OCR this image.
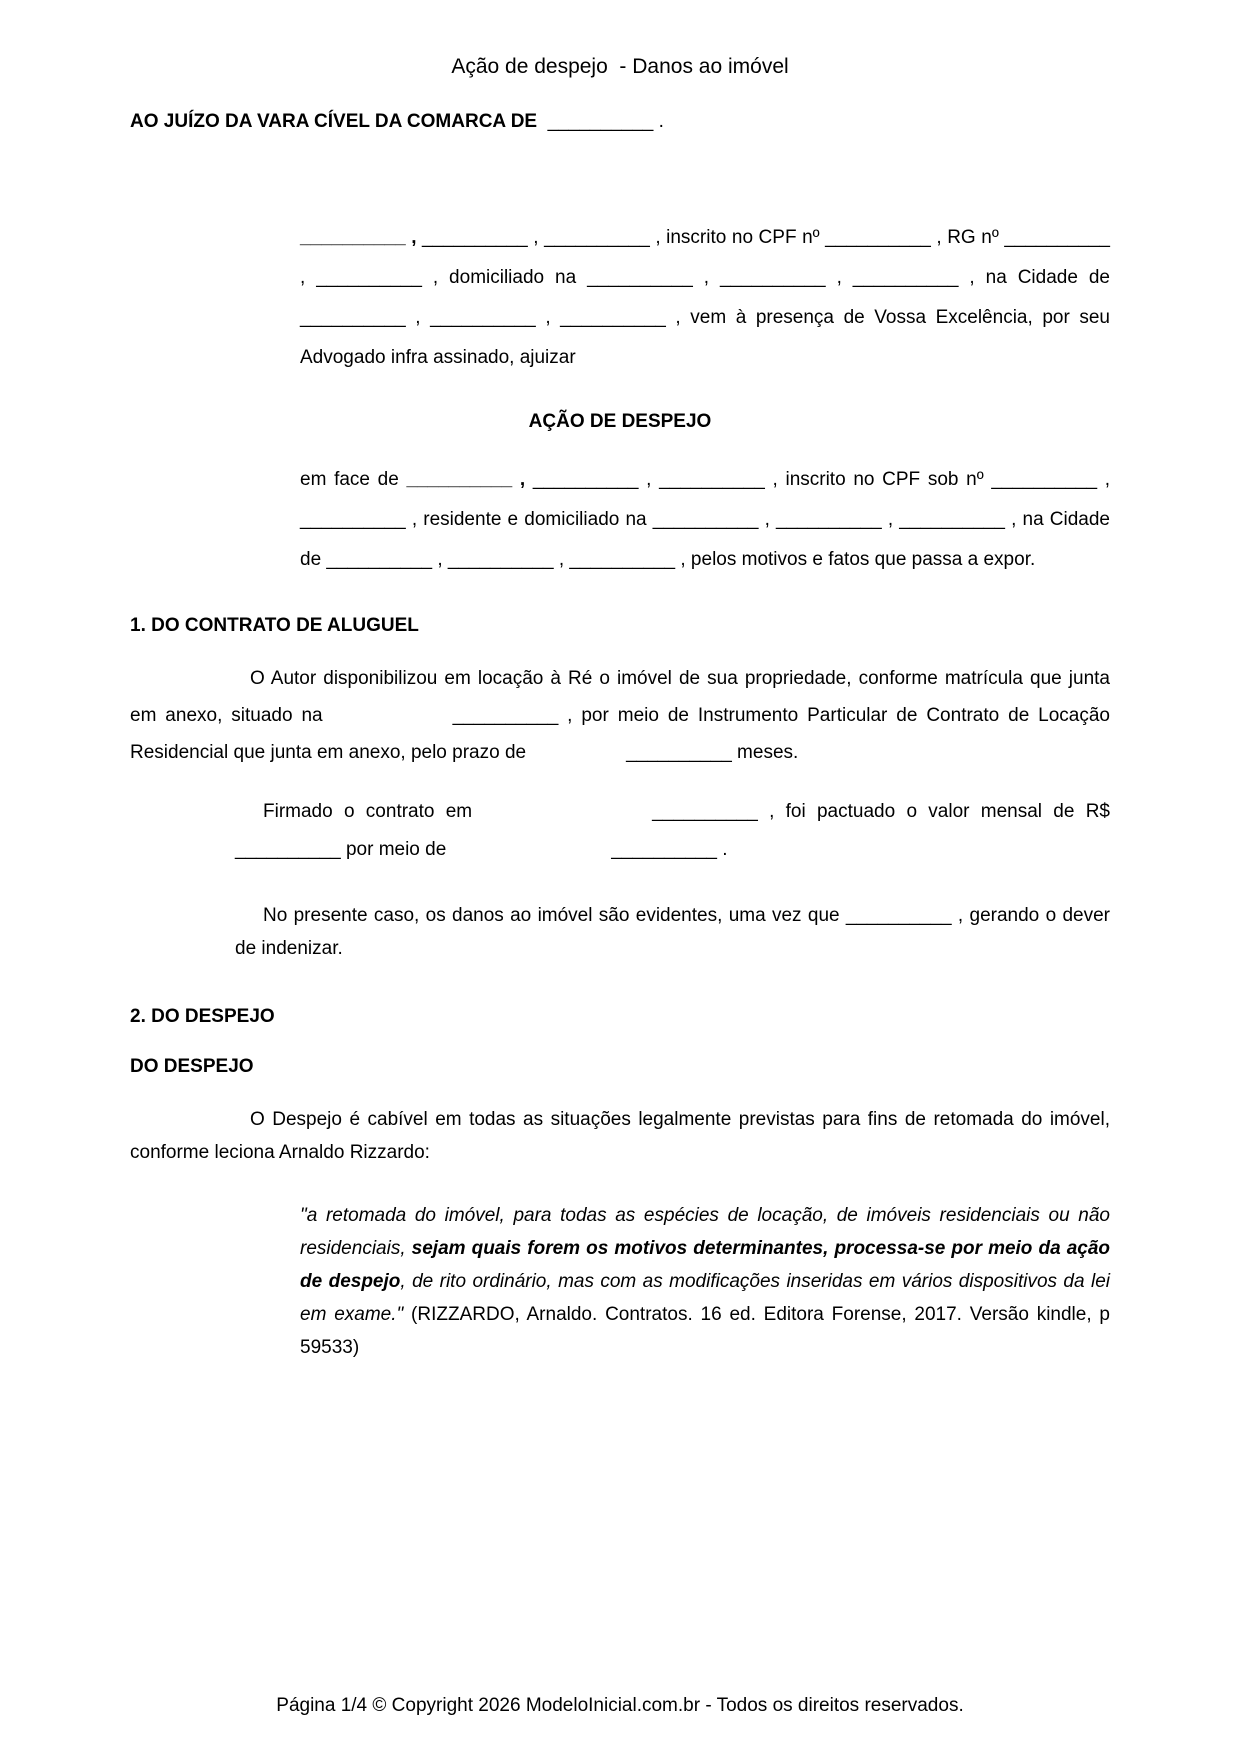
Ação de despejo  - Danos ao imóvel

AO JUÍZO DA VARA CÍVEL DA COMARCA DE  __________ .

__________ , __________ , __________ , inscrito no CPF nº __________ , RG nº __________ , __________ , domiciliado na __________ , __________ , __________ , na Cidade de __________ , __________ , __________ , vem à presença de Vossa Excelência, por seu Advogado infra assinado, ajuizar

AÇÃO DE DESPEJO

em face de __________ , __________ , __________ , inscrito no CPF sob nº __________ , __________ , residente e domiciliado na __________ , __________ , __________ , na Cidade de __________ , __________ , __________ , pelos motivos e fatos que passa a expor.

1. DO CONTRATO DE ALUGUEL

O Autor disponibilizou em locação à Ré o imóvel de sua propriedade, conforme matrícula que junta em anexo, situado na	__________ , por meio de Instrumento Particular de Contrato de Locação Residencial que junta em anexo, pelo prazo de	__________ meses.

Firmado o contrato em	__________ , foi pactuado o valor mensal de R$ __________ por meio de	__________ .

No presente caso, os danos ao imóvel são evidentes, uma vez que __________ , gerando o dever de indenizar.

2. DO DESPEJO
DO DESPEJO

O Despejo é cabível em todas as situações legalmente previstas para fins de retomada do imóvel, conforme leciona Arnaldo Rizzardo:

"a retomada do imóvel, para todas as espécies de locação, de imóveis residenciais ou não residenciais, sejam quais forem os motivos determinantes, processa-se por meio da ação de despejo, de rito ordinário, mas com as modificações inseridas em vários dispositivos da lei em exame." (RIZZARDO, Arnaldo. Contratos. 16 ed. Editora Forense, 2017. Versão kindle, p 59533)

Página 1/4 © Copyright 2026 ModeloInicial.com.br - Todos os direitos reservados.
